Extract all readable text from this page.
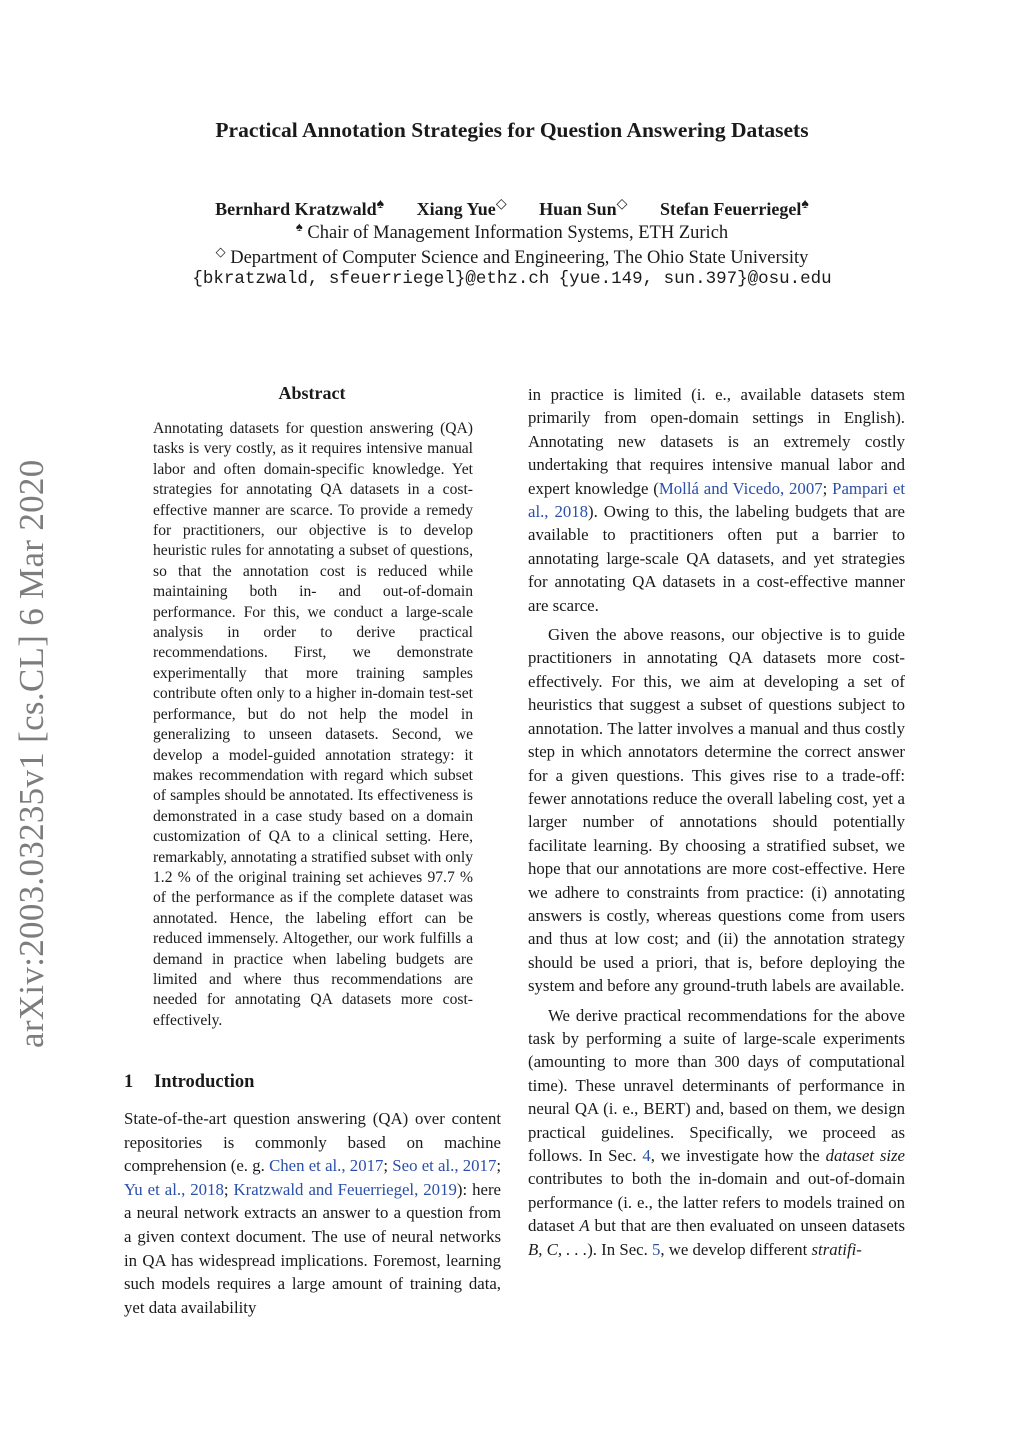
arXiv:2003.03235v1 [cs.CL] 6 Mar 2020
Practical Annotation Strategies for Question Answering Datasets
Bernhard Kratzwald♠ Xiang Yue◇ Huan Sun◇ Stefan Feuerriegel♠
♠ Chair of Management Information Systems, ETH Zurich
◇ Department of Computer Science and Engineering, The Ohio State University
{bkratzwald, sfeuerriegel}@ethz.ch {yue.149, sun.397}@osu.edu
Abstract
Annotating datasets for question answering (QA) tasks is very costly, as it requires intensive manual labor and often domain-specific knowledge. Yet strategies for annotating QA datasets in a cost-effective manner are scarce. To provide a remedy for practitioners, our objective is to develop heuristic rules for annotating a subset of questions, so that the annotation cost is reduced while maintaining both in- and out-of-domain performance. For this, we conduct a large-scale analysis in order to derive practical recommendations. First, we demonstrate experimentally that more training samples contribute often only to a higher in-domain test-set performance, but do not help the model in generalizing to unseen datasets. Second, we develop a model-guided annotation strategy: it makes recommendation with regard which subset of samples should be annotated. Its effectiveness is demonstrated in a case study based on a domain customization of QA to a clinical setting. Here, remarkably, annotating a stratified subset with only 1.2 % of the original training set achieves 97.7 % of the performance as if the complete dataset was annotated. Hence, the labeling effort can be reduced immensely. Altogether, our work fulfills a demand in practice when labeling budgets are limited and where thus recommendations are needed for annotating QA datasets more cost-effectively.
1 Introduction
State-of-the-art question answering (QA) over content repositories is commonly based on machine comprehension (e. g. Chen et al., 2017; Seo et al., 2017; Yu et al., 2018; Kratzwald and Feuerriegel, 2019): here a neural network extracts an answer to a question from a given context document. The use of neural networks in QA has widespread implications. Foremost, learning such models requires a large amount of training data, yet data availability

in practice is limited (i. e., available datasets stem primarily from open-domain settings in English). Annotating new datasets is an extremely costly undertaking that requires intensive manual labor and expert knowledge (Mollá and Vicedo, 2007; Pampari et al., 2018). Owing to this, the labeling budgets that are available to practitioners often put a barrier to annotating large-scale QA datasets, and yet strategies for annotating QA datasets in a cost-effective manner are scarce.

Given the above reasons, our objective is to guide practitioners in annotating QA datasets more cost-effectively. For this, we aim at developing a set of heuristics that suggest a subset of questions subject to annotation. The latter involves a manual and thus costly step in which annotators determine the correct answer for a given questions. This gives rise to a trade-off: fewer annotations reduce the overall labeling cost, yet a larger number of annotations should potentially facilitate learning. By choosing a stratified subset, we hope that our annotations are more cost-effective. Here we adhere to constraints from practice: (i) annotating answers is costly, whereas questions come from users and thus at low cost; and (ii) the annotation strategy should be used a priori, that is, before deploying the system and before any ground-truth labels are available.

We derive practical recommendations for the above task by performing a suite of large-scale experiments (amounting to more than 300 days of computational time). These unravel determinants of performance in neural QA (i. e., BERT) and, based on them, we design practical guidelines. Specifically, we proceed as follows. In Sec. 4, we investigate how the dataset size contributes to both the in-domain and out-of-domain performance (i. e., the latter refers to models trained on dataset A but that are then evaluated on unseen datasets B, C, . . .). In Sec. 5, we develop different stratifi-
